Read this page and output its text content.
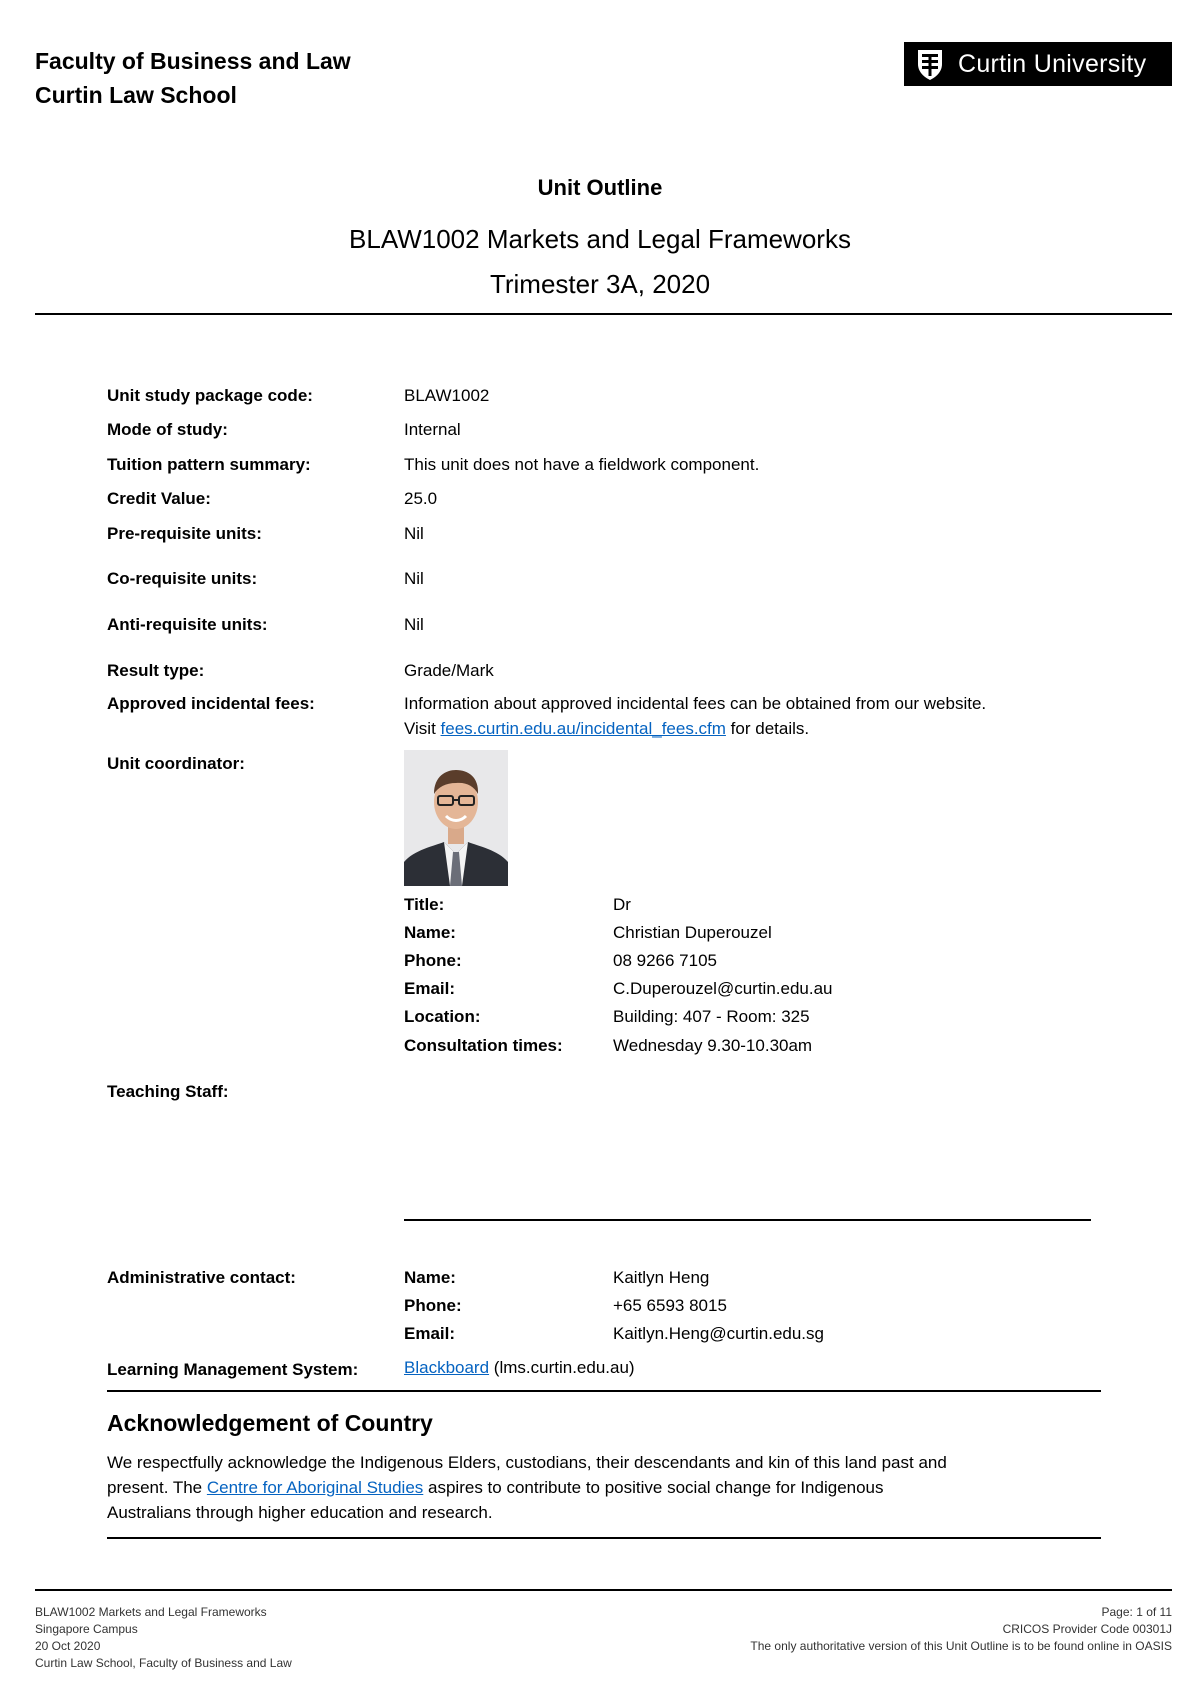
Faculty of Business and Law
Curtin Law School
Curtin University
Unit Outline
BLAW1002 Markets and Legal Frameworks
Trimester 3A, 2020
Unit study package code:	BLAW1002
Mode of study:	Internal
Tuition pattern summary:	This unit does not have a fieldwork component.
Credit Value:	25.0
Pre-requisite units:	Nil
Co-requisite units:	Nil
Anti-requisite units:	Nil
Result type:	Grade/Mark
Approved incidental fees:	Information about approved incidental fees can be obtained from our website.
Visit fees.curtin.edu.au/incidental_fees.cfm for details.
Unit coordinator:
Title:	Dr
Name:	Christian Duperouzel
Phone:	08 9266 7105
Email:	C.Duperouzel@curtin.edu.au
Location:	Building: 407 - Room: 325
Consultation times:	Wednesday 9.30-10.30am
Teaching Staff:
Administrative contact:	Name:	Kaitlyn Heng
Phone:	+65 6593 8015
Email:	Kaitlyn.Heng@curtin.edu.sg
Learning Management System:	Blackboard (lms.curtin.edu.au)
Acknowledgement of Country
We respectfully acknowledge the Indigenous Elders, custodians, their descendants and kin of this land past and
present. The Centre for Aboriginal Studies aspires to contribute to positive social change for Indigenous
Australians through higher education and research.
BLAW1002 Markets and Legal Frameworks
Singapore Campus
20 Oct 2020
Curtin Law School, Faculty of Business and Law
Page: 1 of 11
CRICOS Provider Code 00301J
The only authoritative version of this Unit Outline is to be found online in OASIS
